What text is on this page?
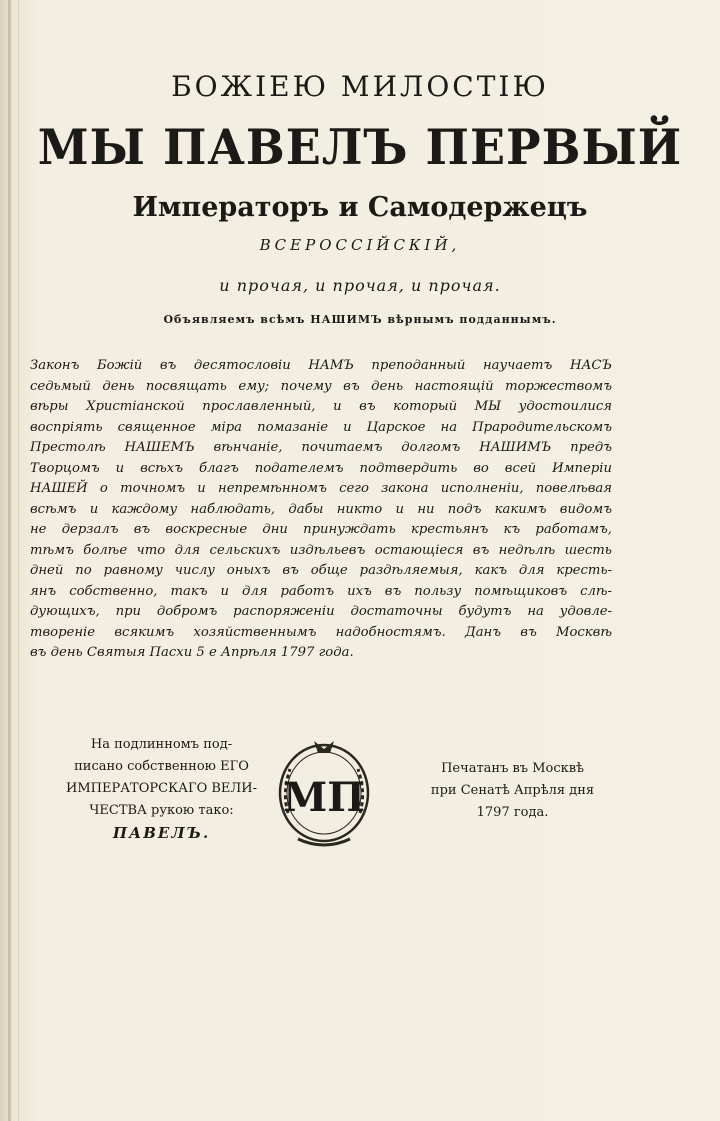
БОЖІЕЮ МИЛОСТІЮ
МЫ ПАВЕЛЪ ПЕРВЫЙ
Императоръ и Самодержецъ
ВСЕРОССІЙСКІЙ,
и прочая, и прочая, и прочая.
Объявляемъ всѣмъ НАШИМЪ вѣрнымъ подданнымъ.
Законъ Божій въ десятословіи НАМЪ преподанный научаетъ НАСЪ
седьмый день посвящать ему; почему въ день настоящій торжествомъ
вѣры Христіанской прославленный, и въ который МЫ удостоилися
воспріять священное міра помазаніе и Царское на Прародительскомъ
Престолѣ НАШЕМЪ вѣнчаніе, почитаемъ долгомъ НАШИМЪ предъ
Творцомъ и всѣхъ благъ подателемъ подтвердить во всей Имперіи
НАШЕЙ о точномъ и непремѣнномъ сего закона исполненіи, повелѣвая
всѣмъ и каждому наблюдать, дабы никто и ни подъ какимъ видомъ
не дерзалъ въ воскресные дни принуждать крестьянъ къ работамъ,
тѣмъ болѣе что для сельскихъ издѣльевъ остающіеся въ недѣлѣ шесть
дней по равному числу оныхъ въ обще раздѣляемыя, какъ для кресть-
янъ собственно, такъ и для работъ ихъ въ пользу помѣщиковъ слѣ-
дующихъ, при добромъ распоряженіи достаточны будутъ на удовле-
твореніе всякимъ хозяйственнымъ надобностямъ. Данъ въ Москвѣ
въ день Святыя Пасхи 5 е Апрѣля 1797 года.
На подлинномъ под-
писано собственною ЕГО
ИМПЕРАТОРСКАГО ВЕЛИ-
ЧЕСТВА рукою тако:
ПАВЕЛЪ.
МП
Печатанъ въ Москвѣ
при Сенатѣ Апрѣля дня
1797 года.
